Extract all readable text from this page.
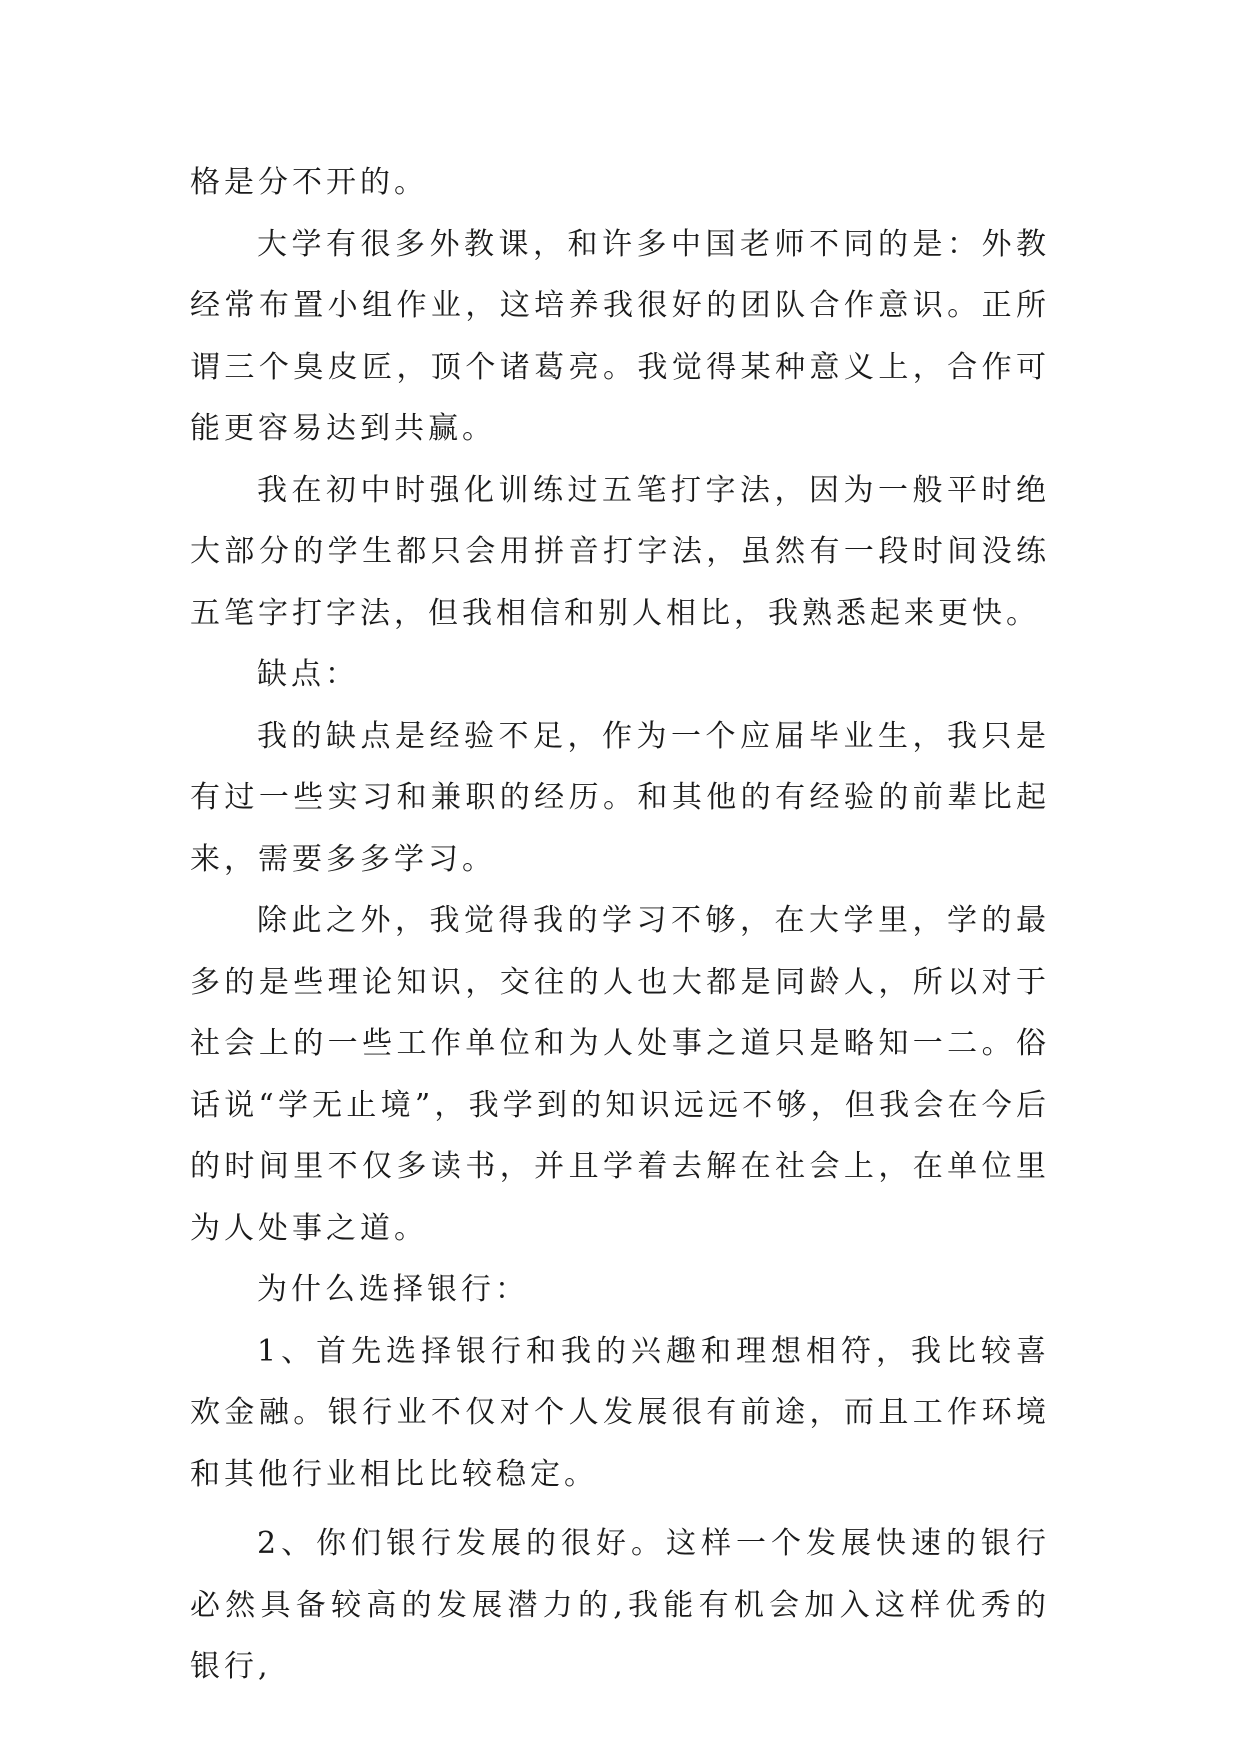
格是分不开的。

大学有很多外教课，和许多中国老师不同的是：外教经常布置小组作业，这培养我很好的团队合作意识。正所谓三个臭皮匠，顶个诸葛亮。我觉得某种意义上，合作可能更容易达到共赢。

我在初中时强化训练过五笔打字法，因为一般平时绝大部分的学生都只会用拼音打字法，虽然有一段时间没练五笔字打字法，但我相信和别人相比，我熟悉起来更快。

缺点：

我的缺点是经验不足，作为一个应届毕业生，我只是有过一些实习和兼职的经历。和其他的有经验的前辈比起来，需要多多学习。

除此之外，我觉得我的学习不够，在大学里，学的最多的是些理论知识，交往的人也大都是同龄人，所以对于社会上的一些工作单位和为人处事之道只是略知一二。俗话说“学无止境”，我学到的知识远远不够，但我会在今后的时间里不仅多读书，并且学着去解在社会上，在单位里为人处事之道。

为什么选择银行：

1、首先选择银行和我的兴趣和理想相符，我比较喜欢金融。银行业不仅对个人发展很有前途，而且工作环境和其他行业相比比较稳定。

2、你们银行发展的很好。这样一个发展快速的银行必然具备较高的发展潜力的,我能有机会加入这样优秀的银行,
